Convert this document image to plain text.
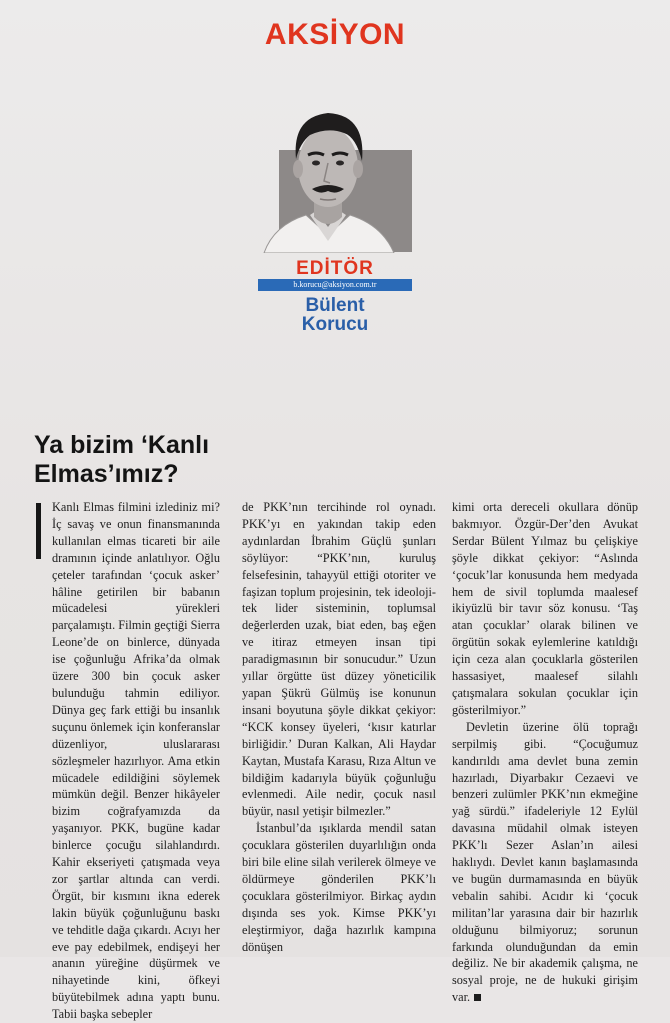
AKSİYON
EDİTÖR
b.korucu@aksiyon.com.tr
Bülent
Korucu
Ya bizim ‘Kanlı
Elmas’ımız?

Kanlı Elmas filmini izlediniz mi? İç savaş ve onun finansmanında kullanılan elmas ticareti bir aile dramının içinde anlatılıyor. Oğlu çeteler tarafından ‘çocuk asker’ hâline getirilen bir babanın mücadelesi yürekleri parçalamıştı. Filmin geçtiği Sierra Leone’de on binlerce, dünyada ise çoğunluğu Afrika’da olmak üzere 300 bin çocuk asker bulunduğu tahmin ediliyor. Dünya geç fark ettiği bu insanlık suçunu önlemek için konferanslar düzenliyor, uluslararası sözleşmeler hazırlıyor. Ama etkin mücadele edildiğini söylemek mümkün değil. Benzer hikâyeler bizim coğrafyamızda da yaşanıyor. PKK, bugüne kadar binlerce çocuğu silahlandırdı. Kahir ekseriyeti çatışmada veya zor şartlar altında can verdi. Örgüt, bir kısmını ikna ederek lakin büyük çoğunluğunu baskı ve tehditle dağa çıkardı. Acıyı her eve pay edebilmek, endişeyi her ananın yüreğine düşürmek ve nihayetinde kini, öfkeyi büyütebilmek adına yaptı bunu. Tabii başka sebepler

de PKK’nın tercihinde rol oynadı. PKK’yı en yakından takip eden aydınlardan İbrahim Güçlü şunları söylüyor: “PKK’nın, kuruluş felsefesinin, tahayyül ettiği otoriter ve faşizan toplum projesinin, tek ideoloji-tek lider sisteminin, toplumsal değerlerden uzak, biat eden, baş eğen ve itiraz etmeyen insan tipi paradigmasının bir sonucudur.” Uzun yıllar örgütte üst düzey yöneticilik yapan Şükrü Gülmüş ise konunun insani boyutuna şöyle dikkat çekiyor: “KCK konsey üyeleri, ‘kısır katırlar birliğidir.’ Duran Kalkan, Ali Haydar Kaytan, Mustafa Karasu, Rıza Altun ve bildiğim kadarıyla büyük çoğunluğu evlenmedi. Aile nedir, çocuk nasıl büyür, nasıl yetişir bilmezler.”

İstanbul’da ışıklarda mendil satan çocuklara gösterilen duyarlılığın onda biri bile eline silah verilerek ölmeye ve öldürmeye gönderilen PKK’lı çocuklara gösterilmiyor. Birkaç aydın dışında ses yok. Kimse PKK’yı eleştirmiyor, dağa hazırlık kampına dönüşen

kimi orta dereceli okullara dönüp bakmıyor. Özgür-Der’den Avukat Serdar Bülent Yılmaz bu çelişkiye şöyle dikkat çekiyor: “Aslında ‘çocuk’lar konusunda hem medyada hem de sivil toplumda maalesef ikiyüzlü bir tavır söz konusu. ‘Taş atan çocuklar’ olarak bilinen ve örgütün sokak eylemlerine katıldığı için ceza alan çocuklarla gösterilen hassasiyet, maalesef silahlı çatışmalara sokulan çocuklar için gösterilmiyor.”

Devletin üzerine ölü toprağı serpilmiş gibi. “Çocuğumuz kandırıldı ama devlet buna zemin hazırladı, Diyarbakır Cezaevi ve benzeri zulümler PKK’nın ekmeğine yağ sürdü.” ifadeleriyle 12 Eylül davasına müdahil olmak isteyen PKK’lı Sezer Aslan’ın ailesi haklıydı. Devlet kanın başlamasında ve bugün durmamasında en büyük vebalin sahibi. Acıdır ki ‘çocuk militan’lar yarasına dair bir hazırlık olduğunu bilmiyoruz; sorunun farkında olunduğundan da emin değiliz. Ne bir akademik çalışma, ne sosyal proje, ne de hukuki girişim var.
